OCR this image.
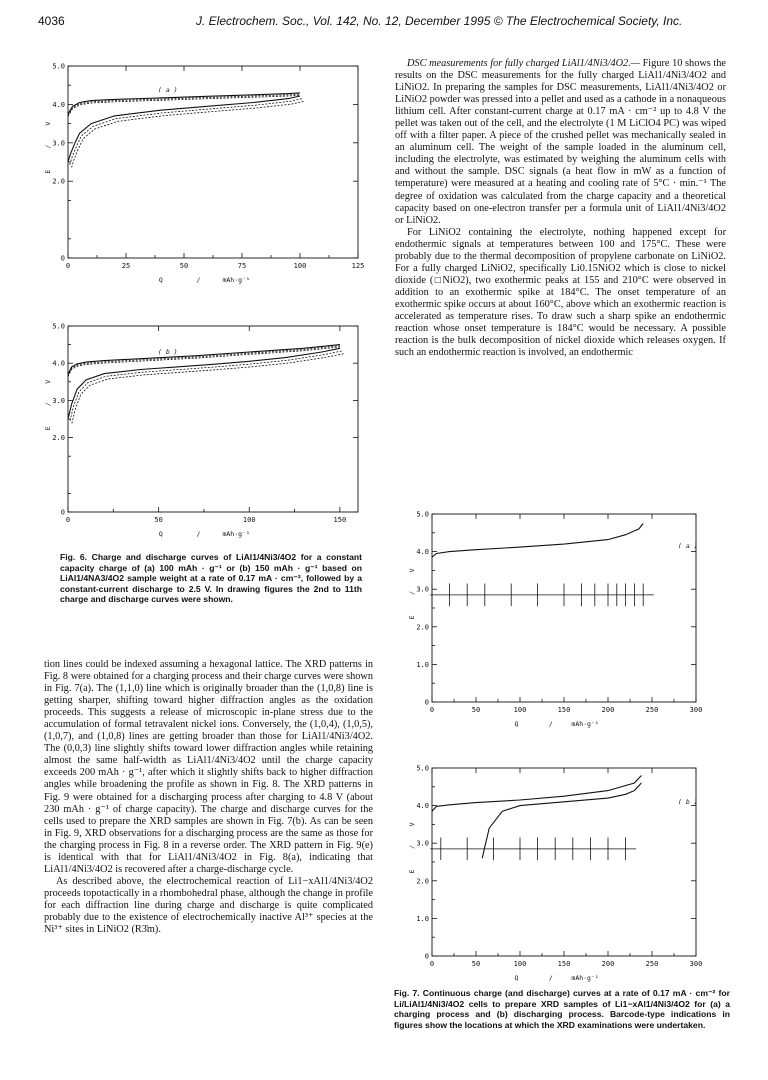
4036	J. Electrochem. Soc., Vol. 142, No. 12, December 1995 © The Electrochemical Society, Inc.
0	25	50	75	100	125
0
2.0
3.0
4.0
5.0
Q	/	mAh·g⁻¹
E
/
V
( a )
0	50	100	150
0
2.0
3.0
4.0
5.0
Q	/	mAh·g⁻¹
E
/
V
( b )
Fig. 6. Charge and discharge curves of LiAl1/4Ni3/4O2 for a constant capacity charge of (a) 100 mAh · g⁻¹ or (b) 150 mAh · g⁻¹ based on LiAl1/4NA3/4O2 sample weight at a rate of 0.17 mA · cm⁻², followed by a constant-current discharge to 2.5 V. In drawing figures the 2nd to 11th charge and discharge curves were shown.

tion lines could be indexed assuming a hexagonal lattice. The XRD patterns in Fig. 8 were obtained for a charging process and their charge curves were shown in Fig. 7(a). The (1,1,0) line which is originally broader than the (1,0,8) line is getting sharper, shifting toward higher diffraction angles as the oxidation proceeds. This suggests a release of microscopic in-plane stress due to the accumulation of formal tetravalent nickel ions. Conversely, the (1,0,4), (1,0,5), (1,0,7), and (1,0,8) lines are getting broader than those for LiAl1/4Ni3/4O2. The (0,0,3) line slightly shifts toward lower diffraction angles while retaining almost the same half-width as LiAl1/4Ni3/4O2 until the charge capacity exceeds 200 mAh · g⁻¹, after which it slightly shifts back to higher diffraction angles while broadening the profile as shown in Fig. 8. The XRD patterns in Fig. 9 were obtained for a discharging process after charging to 4.8 V (about 230 mAh · g⁻¹ of charge capacity). The charge and discharge curves for the cells used to prepare the XRD samples are shown in Fig. 7(b). As can be seen in Fig. 9, XRD observations for a discharging process are the same as those for the charging process in Fig. 8 in a reverse order. The XRD pattern in Fig. 9(e) is identical with that for LiAl1/4Ni3/4O2 in Fig. 8(a), indicating that LiAl1/4Ni3/4O2 is recovered after a charge-discharge cycle.

As described above, the electrochemical reaction of Li1−xAl1/4Ni3/4O2 proceeds topotactically in a rhombohedral phase, although the change in profile for each diffraction line during charge and discharge is quite complicated probably due to the existence of electrochemically inactive Al³⁺ species at the Ni³⁺ sites in LiNiO2 (R3̄m).

DSC measurements for fully charged LiAl1/4Ni3/4O2.— Figure 10 shows the results on the DSC measurements for the fully charged LiAl1/4Ni3/4O2 and LiNiO2. In preparing the samples for DSC measurements, LiAl1/4Ni3/4O2 or LiNiO2 powder was pressed into a pellet and used as a cathode in a nonaqueous lithium cell. After constant-current charge at 0.17 mA · cm⁻² up to 4.8 V the pellet was taken out of the cell, and the electrolyte (1 M LiClO4 PC) was wiped off with a filter paper. A piece of the crushed pellet was mechanically sealed in an aluminum cell. The weight of the sample loaded in the aluminum cell, including the electrolyte, was estimated by weighing the aluminum cells with and without the sample. DSC signals (a heat flow in mW as a function of temperature) were measured at a heating and cooling rate of 5°C · min.⁻¹ The degree of oxidation was calculated from the charge capacity and a theoretical capacity based on one-electron transfer per a formula unit of LiAl1/4Ni3/4O2 or LiNiO2.

For LiNiO2 containing the electrolyte, nothing happened except for endothermic signals at temperatures between 100 and 175°C. These were probably due to the thermal decomposition of propylene carbonate on LiNiO2. For a fully charged LiNiO2, specifically Li0.15NiO2 which is close to nickel dioxide (□NiO2), two exothermic peaks at 155 and 210°C were observed in addition to an exothermic spike at 184°C. The onset temperature of an exothermic spike occurs at about 160°C, above which an exothermic reaction is accelerated as temperature rises. To draw such a sharp spike an endothermic reaction whose onset temperature is 184°C would be necessary. A possible reaction is the bulk decomposition of nickel dioxide which releases oxygen. If such an endothermic reaction is involved, an endothermic

0	50	100	150	200	250	300
0
1.0
2.0
3.0
4.0
5.0
Q	/	mAh·g⁻¹
E
/
V
( a )
0	50	100	150	200	250	300
0
1.0
2.0
3.0
4.0
5.0
Q	/	mAh·g⁻¹
E
/
V
( b )
Fig. 7. Continuous charge (and discharge) curves at a rate of 0.17 mA · cm⁻² for Li/LiAl1/4Ni3/4O2 cells to prepare XRD samples of Li1−xAl1/4Ni3/4O2 for (a) a charging process and (b) discharging process. Barcode-type indications in figures show the locations at which the XRD examinations were undertaken.
